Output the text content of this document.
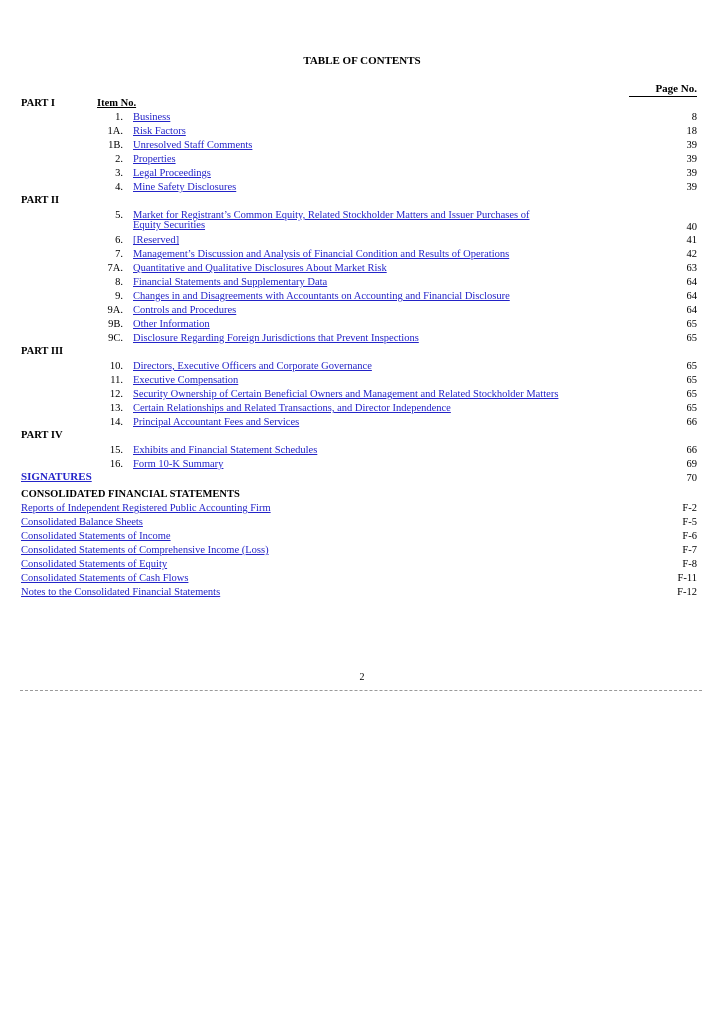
TABLE OF CONTENTS
Page No.
PART I	Item No.
1. Business	8
1A. Risk Factors	18
1B. Unresolved Staff Comments	39
2. Properties	39
3. Legal Proceedings	39
4. Mine Safety Disclosures	39
PART II
5. Market for Registrant’s Common Equity, Related Stockholder Matters and Issuer Purchases of
Equity Securities	40
6. [Reserved]	41
7. Management’s Discussion and Analysis of Financial Condition and Results of Operations	42
7A. Quantitative and Qualitative Disclosures About Market Risk	63
8. Financial Statements and Supplementary Data	64
9. Changes in and Disagreements with Accountants on Accounting and Financial Disclosure	64
9A. Controls and Procedures	64
9B. Other Information	65
9C. Disclosure Regarding Foreign Jurisdictions that Prevent Inspections	65
PART III
10. Directors, Executive Officers and Corporate Governance	65
11. Executive Compensation	65
12. Security Ownership of Certain Beneficial Owners and Management and Related Stockholder Matters	65
13. Certain Relationships and Related Transactions, and Director Independence	65
14. Principal Accountant Fees and Services	66
PART IV
15. Exhibits and Financial Statement Schedules	66
16. Form 10-K Summary	69
SIGNATURES	70
CONSOLIDATED FINANCIAL STATEMENTS
Reports of Independent Registered Public Accounting Firm	F-2
Consolidated Balance Sheets	F-5
Consolidated Statements of Income	F-6
Consolidated Statements of Comprehensive Income (Loss)	F-7
Consolidated Statements of Equity	F-8
Consolidated Statements of Cash Flows	F-11
Notes to the Consolidated Financial Statements	F-12
2
